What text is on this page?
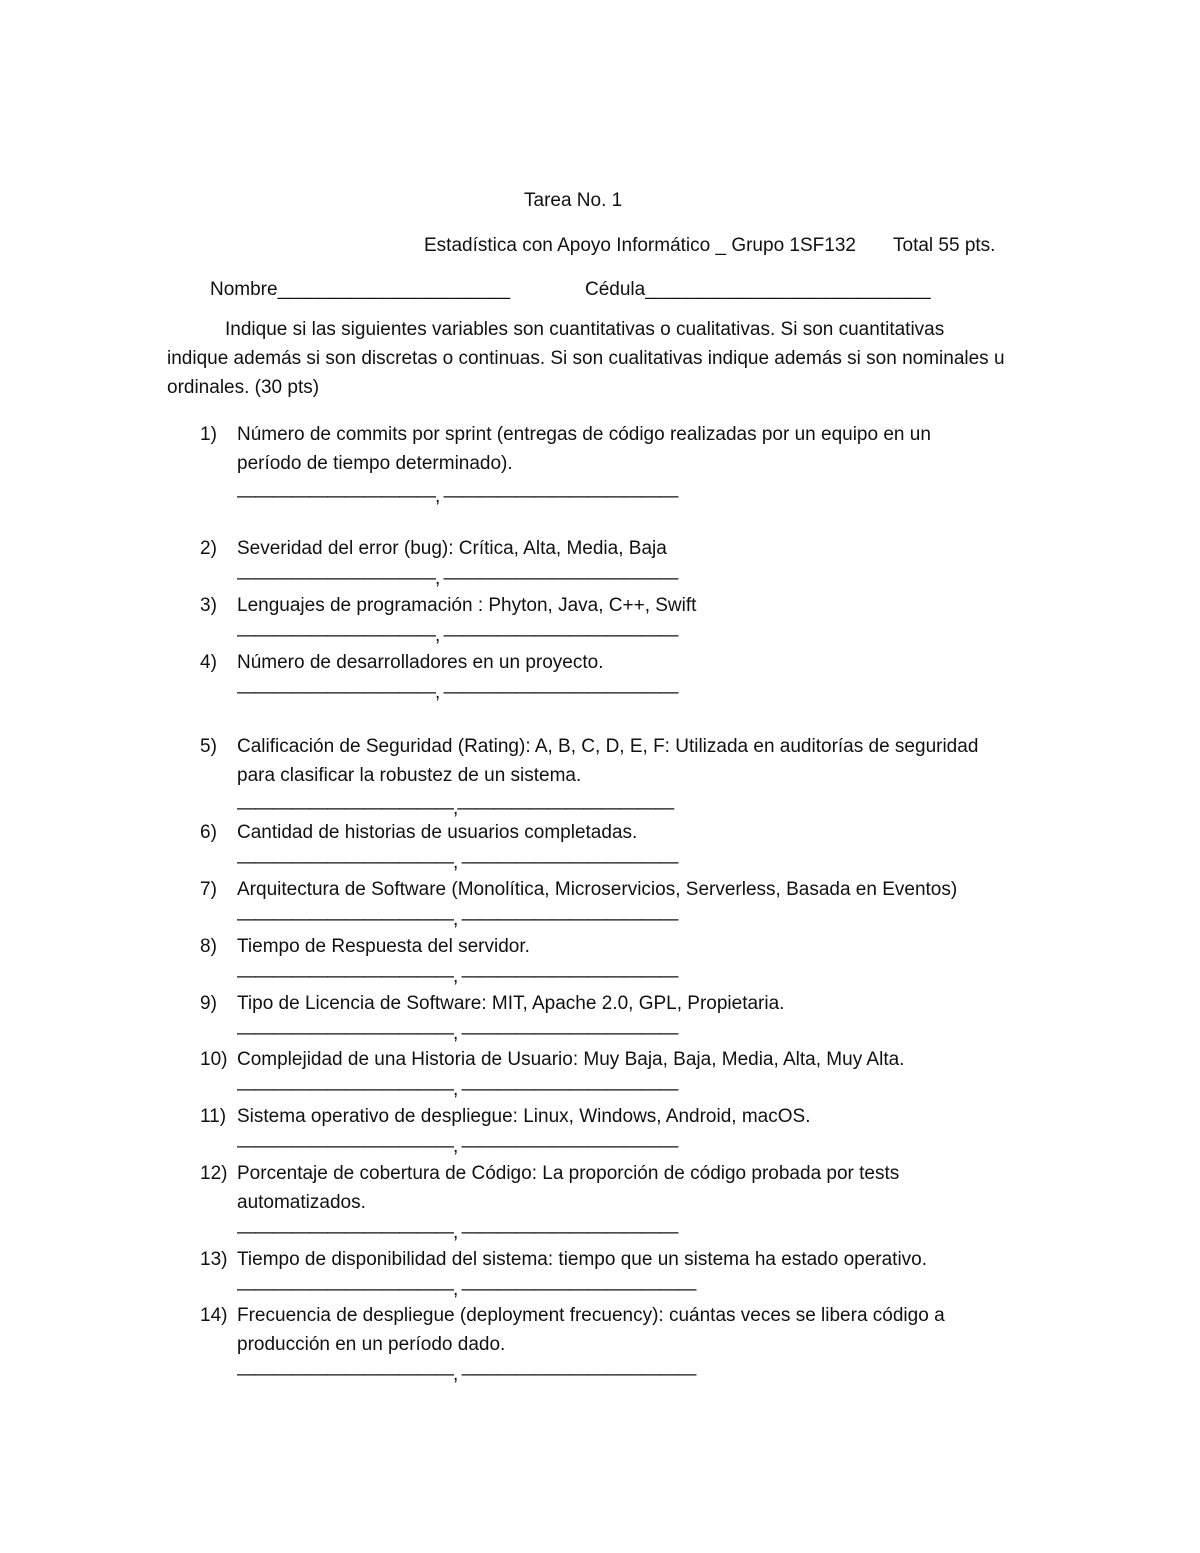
Tarea No. 1
Estadística con Apoyo Informático _ Grupo 1SF132 Total 55 pts.
Nombre______________________	Cédula___________________________
Indique si las siguientes variables son cuantitativas o cualitativas. Si son cuantitativas
indique además si son discretas o continuas. Si son cualitativas indique además si son nominales u
ordinales. (30 pts)
1) Número de commits por sprint (entregas de código realizadas por un equipo en un
período de tiempo determinado).
———————————, —————————————
2) Severidad del error (bug): Crítica, Alta, Media, Baja
———————————, —————————————
3) Lenguajes de programación : Phyton, Java, C++, Swift
———————————, —————————————
4) Número de desarrolladores en un proyecto.
———————————, —————————————
5) Calificación de Seguridad (Rating): A, B, C, D, E, F: Utilizada en auditorías de seguridad
para clasificar la robustez de un sistema.
————————————,————————————
6) Cantidad de historias de usuarios completadas.
————————————, ————————————
7) Arquitectura de Software (Monolítica, Microservicios, Serverless, Basada en Eventos)
————————————, ————————————
8) Tiempo de Respuesta del servidor.
————————————, ————————————
9) Tipo de Licencia de Software: MIT, Apache 2.0, GPL, Propietaria.
————————————, ————————————
10) Complejidad de una Historia de Usuario: Muy Baja, Baja, Media, Alta, Muy Alta.
————————————, ————————————
11) Sistema operativo de despliegue: Linux, Windows, Android, macOS.
————————————, ————————————
12) Porcentaje de cobertura de Código: La proporción de código probada por tests
automatizados.
————————————, ————————————
13) Tiempo de disponibilidad del sistema: tiempo que un sistema ha estado operativo.
————————————, —————————————
14) Frecuencia de despliegue (deployment frecuency): cuántas veces se libera código a
producción en un período dado.
————————————, —————————————
